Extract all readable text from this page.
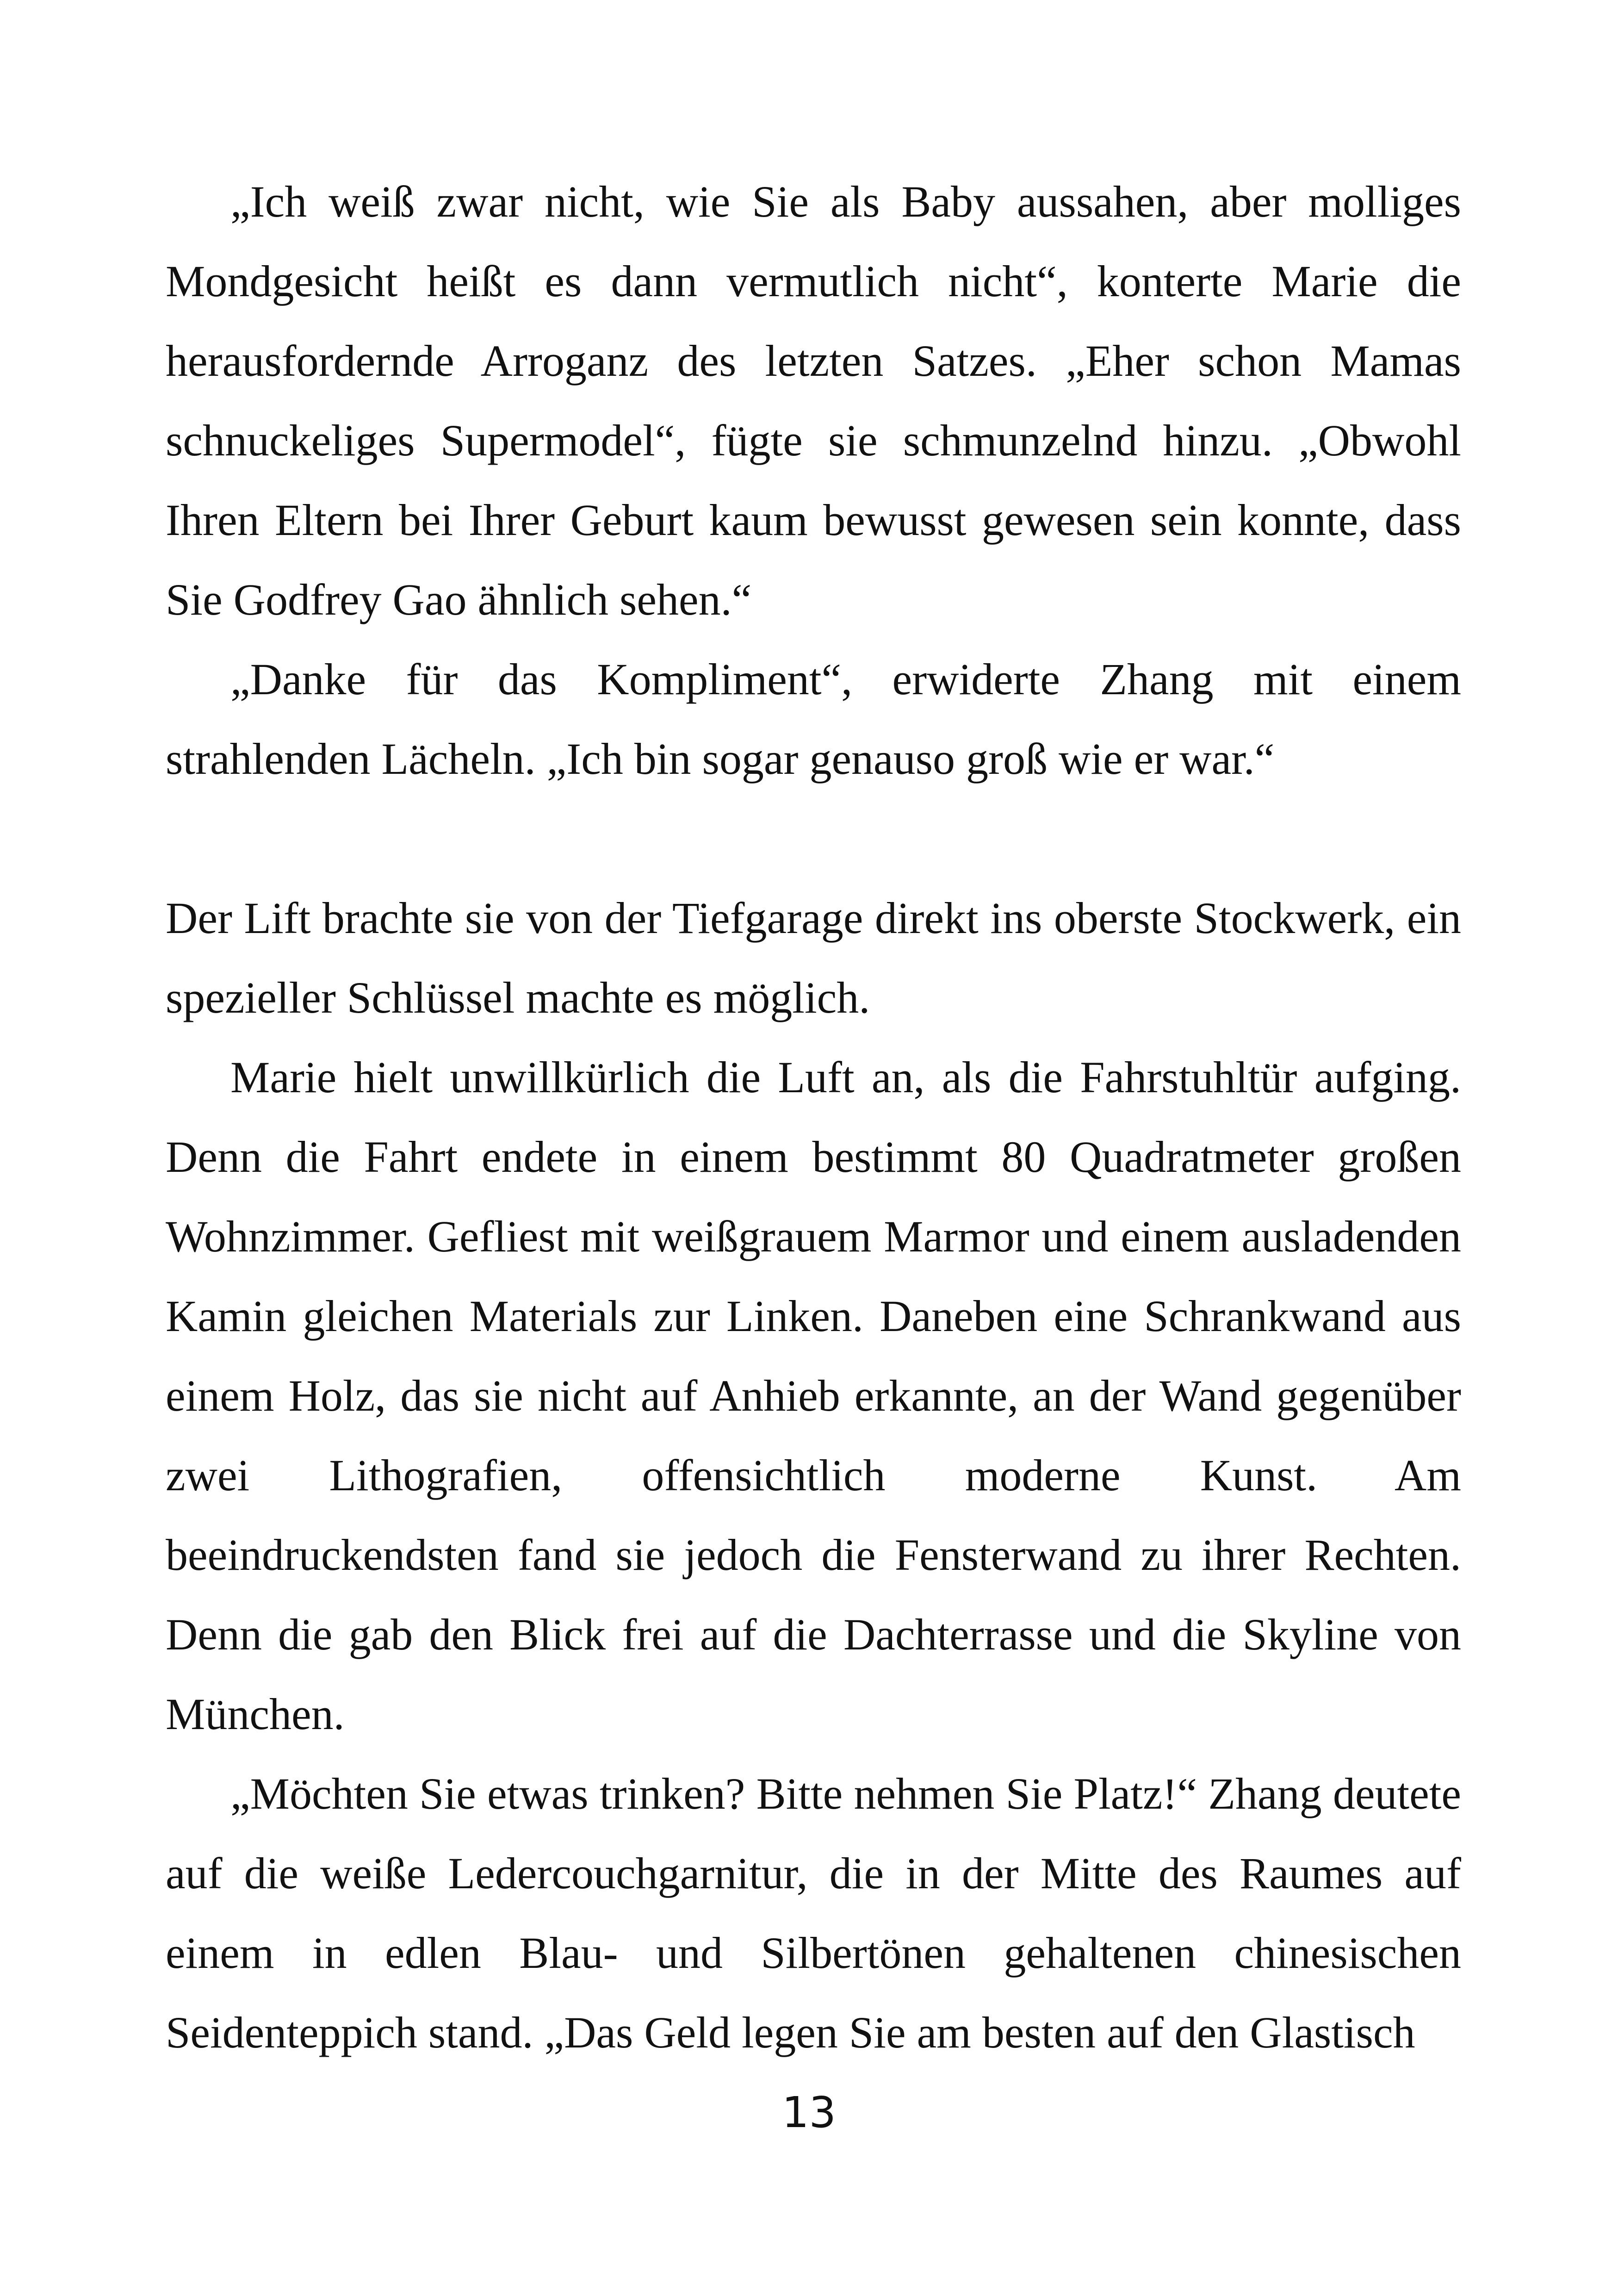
„Ich weiß zwar nicht, wie Sie als Baby aussahen, aber molliges Mondgesicht heißt es dann vermutlich nicht“, konterte Marie die herausfordernde Arroganz des letzten Satzes. „Eher schon Mamas schnuckeliges Supermodel“, fügte sie schmunzelnd hinzu. „Obwohl Ihren Eltern bei Ihrer Geburt kaum bewusst gewesen sein konnte, dass Sie Godfrey Gao ähnlich sehen.“

„Danke für das Kompliment“, erwiderte Zhang mit einem strahlenden Lächeln. „Ich bin sogar genauso groß wie er war.“

Der Lift brachte sie von der Tiefgarage direkt ins oberste Stockwerk, ein spezieller Schlüssel machte es möglich.

Marie hielt unwillkürlich die Luft an, als die Fahrstuhltür aufging. Denn die Fahrt endete in einem bestimmt 80 Quadratmeter großen Wohnzimmer. Gefliest mit weißgrauem Marmor und einem ausladenden Kamin gleichen Materials zur Linken. Daneben eine Schrankwand aus einem Holz, das sie nicht auf Anhieb erkannte, an der Wand gegenüber zwei Lithografien, offensichtlich moderne Kunst. Am beeindruckendsten fand sie jedoch die Fensterwand zu ihrer Rechten. Denn die gab den Blick frei auf die Dachterrasse und die Skyline von München.

„Möchten Sie etwas trinken? Bitte nehmen Sie Platz!“ Zhang deutete auf die weiße Ledercouchgarnitur, die in der Mitte des Raumes auf einem in edlen Blau- und Silbertönen gehaltenen chinesischen Seidenteppich stand. „Das Geld legen Sie am besten auf den Glastisch

13
